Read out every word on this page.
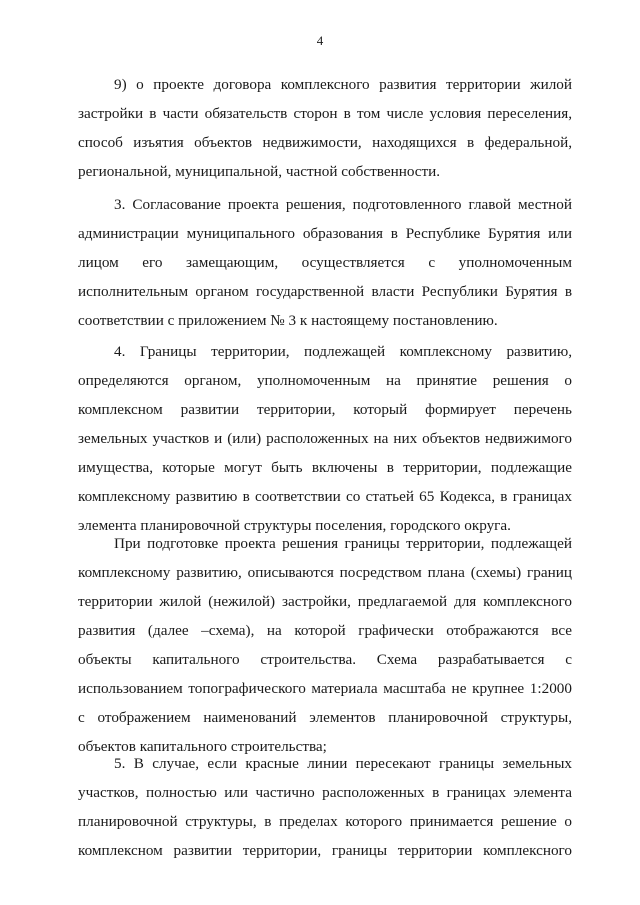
4
9) о проекте договора комплексного развития территории жилой
застройки в части обязательств сторон в том числе условия переселения,
способ изъятия объектов недвижимости, находящихся в федеральной,
региональной, муниципальной, частной собственности.
3. Согласование проекта решения, подготовленного главой местной
администрации муниципального образования в Республике Бурятия или
лицом его замещающим, осуществляется с уполномоченным
исполнительным органом государственной власти Республики Бурятия в
соответствии с приложением № 3 к настоящему постановлению.
4. Границы территории, подлежащей комплексному развитию,
определяются органом, уполномоченным на принятие решения о
комплексном развитии территории, который формирует перечень
земельных участков и (или) расположенных на них объектов недвижимого
имущества, которые могут быть включены в территории, подлежащие
комплексному развитию в соответствии со статьей 65 Кодекса, в границах
элемента планировочной структуры поселения, городского округа.
При подготовке проекта решения границы территории, подлежащей
комплексному развитию, описываются посредством плана (схемы) границ
территории жилой (нежилой) застройки, предлагаемой для комплексного
развития (далее –схема), на которой графически отображаются все
объекты капитального строительства. Схема разрабатывается с
использованием топографического материала масштаба не крупнее 1:2000
с отображением наименований элементов планировочной структуры,
объектов капитального строительства;
5. В случае, если красные линии пересекают границы земельных
участков, полностью или частично расположенных в границах элемента
планировочной структуры, в пределах которого принимается решение о
комплексном развитии территории, границы территории комплексного
